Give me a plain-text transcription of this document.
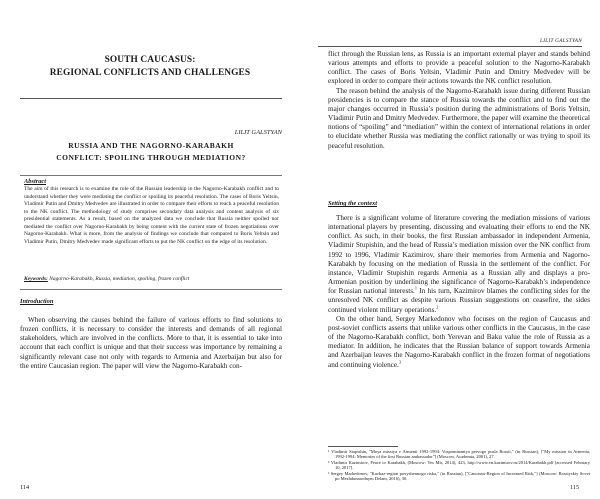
SOUTH CAUCASUS:
REGIONAL CONFLICTS AND CHALLENGES
LILIT GALSTYAN
RUSSIA AND THE NAGORNO-KARABAKH
CONFLICT: SPOILING THROUGH MEDIATION?
Abstract
The aim of this research is to examine the role of the Russian leadership in the Nagorno-Karabakh conflict and to understand whether they were mediating the conflict or spoiling its peaceful resolution. The cases of Boris Yeltsin, Vladimir Putin and Dmitry Medvedev are illustrated in order to compare their efforts to reach a peaceful resolution to the NK conflict. The methodology of study comprises secondary data analysis and content analysis of six presidential statements. As a result, based on the analyzed data we conclude that Russia neither spoiled nor mediated the conflict over Nagorno-Karabakh by being content with the current state of frozen negotiations over Nagorno-Karabakh. What is more, from the analysis of findings we conclude that compared to Boris Yeltsin and Vladimir Putin, Dmitry Medvedev made significant efforts to put the NK conflict on the edge of its resolution.
Keywords: Nagorno-Karabakh, Russia, mediation, spoiling, frozen conflict
Introduction

When observing the causes behind the failure of various efforts to find solutions to frozen conflicts, it is necessary to consider the interests and demands of all regional stakeholders, which are involved in the conflicts. More to that, it is essential to take into account that each conflict is unique and that their success was importance by remaining a significantly relevant case not only with regards to Armenia and Azerbaijan but also for the entire Caucasian region. The paper will view the Nagorno-Karabakh con-

114
LILIT GALSTYAN

flict through the Russian lens, as Russia is an important external player and stands behind various attempts and efforts to provide a peaceful solution to the Nagorno-Karabakh conflict. The cases of Boris Yeltsin, Vladimir Putin and Dmitry Medvedev will be explored in order to compare their actions towards the NK conflict resolution.

The reason behind the analysis of the Nagorno-Karabakh issue during different Russian presidencies is to compare the stance of Russia towards the conflict and to find out the major changes occurred in Russia’s position during the administrations of Boris Yeltsin, Vladimir Putin and Dmitry Medvedev. Furthermore, the paper will examine the theoretical notions of “spoiling” and “mediation” within the context of international relations in order to elucidate whether Russia was mediating the conflict rationally or was trying to spoil its peaceful resolution.

Setting the context

There is a significant volume of literature covering the mediation missions of various international players by presenting, discussing and evaluating their efforts to end the NK conflict. As such, in their books, the first Russian ambassador in independent Armenia, Vladimir Stupishin, and the head of Russia’s mediation mission over the NK conflict from 1992 to 1996, Vladimir Kazimirov, share their memories from Armenia and Nagorno-Karabakh by focusing on the mediation of Russia in the settlement of the conflict. For instance, Vladimir Stupishin regards Armenia as a Russian ally and displays a pro-Armenian position by underlining the significance of Nagorno-Karabakh’s independence for Russian national interests.$^1$ In his turn, Kazimirov blames the conflicting sides for the unresolved NK conflict as despite various Russian suggestions on ceasefire, the sides continued violent military operations.$^2$

On the other hand, Sergey Markedonov who focuses on the region of Caucasus and post-soviet conflicts asserts that unlike various other conflicts in the Caucasus, in the case of the Nagorno-Karabakh conflict, both Yerevan and Baku value the role of Russia as a mediator. In addition, he indicates that the Russian balance of support towards Armenia and Azerbaijan leaves the Nagorno-Karabakh conflict in the frozen format of negotiations and continuing violence.$^3$

¹ Vladimir Stupishin, "Moya missiya v Armenii 1992-1994: Vospominaniya pervogo posla Rossii," (in Russian), ["My mission in Armenia, 1992-1994: Memories of the first Russian ambassador"] (Moscow, Academia, 2001), 27.

² Vladimir Kazimirov, Peace to Karabakh, (Moscow: Ves Mir, 2014), 423, http://www.vn.kazimirov.ru/2014/Karabakh.pdf [accessed February 10, 2017].

³ Sergey Markedonov, "Kavkaz-region povyshennogo riska," (in Russian), ["Caucasus-Region of Increased Risk,"] (Moscow: Rossiyskiy Sovet po Mezhdunarodnym Delam, 2016), 30.

115
